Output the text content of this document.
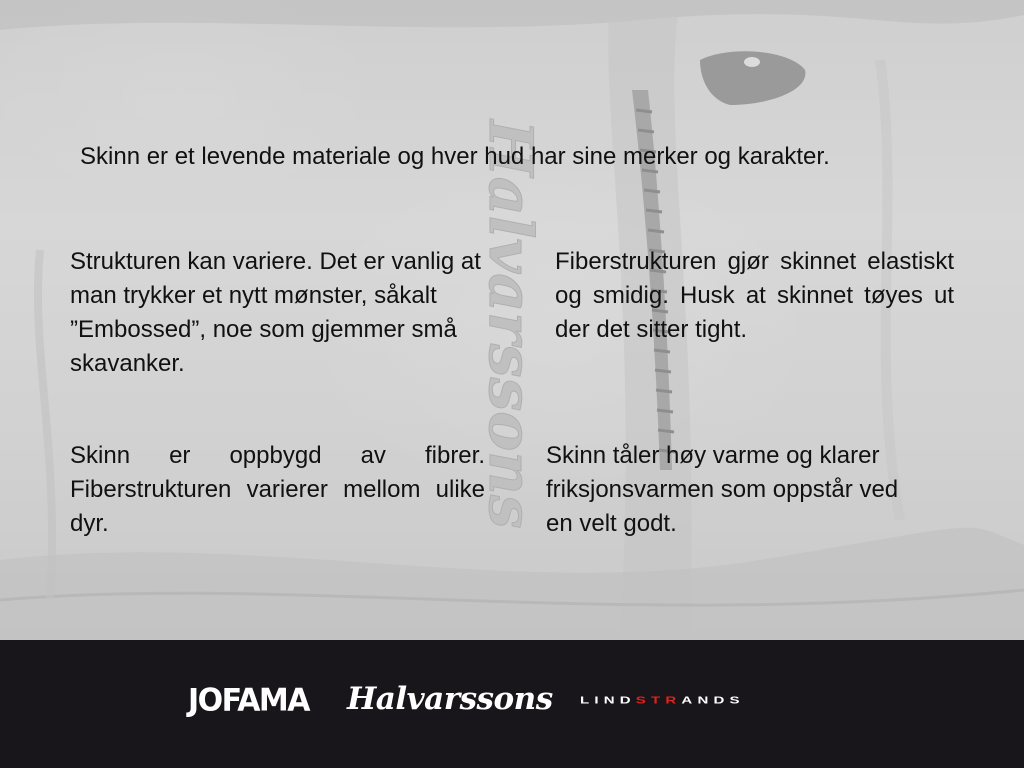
Halvarssons

Skinn er et levende materiale og hver hud har sine merker og karakter.

Strukturen kan variere. Det er vanlig at man trykker et nytt mønster, såkalt ”Embossed”, noe som gjemmer små skavanker.

Fiberstrukturen gjør skinnet elastiskt og smidig. Husk at skinnet tøyes ut der det sitter tight.

Skinn er oppbygd av fibrer. Fiberstrukturen varierer mellom ulike dyr.

Skinn tåler høy varme og klarer friksjonsvarmen som oppstår ved en velt godt.

JOFAMA Halvarssons LINDSTRANDS
